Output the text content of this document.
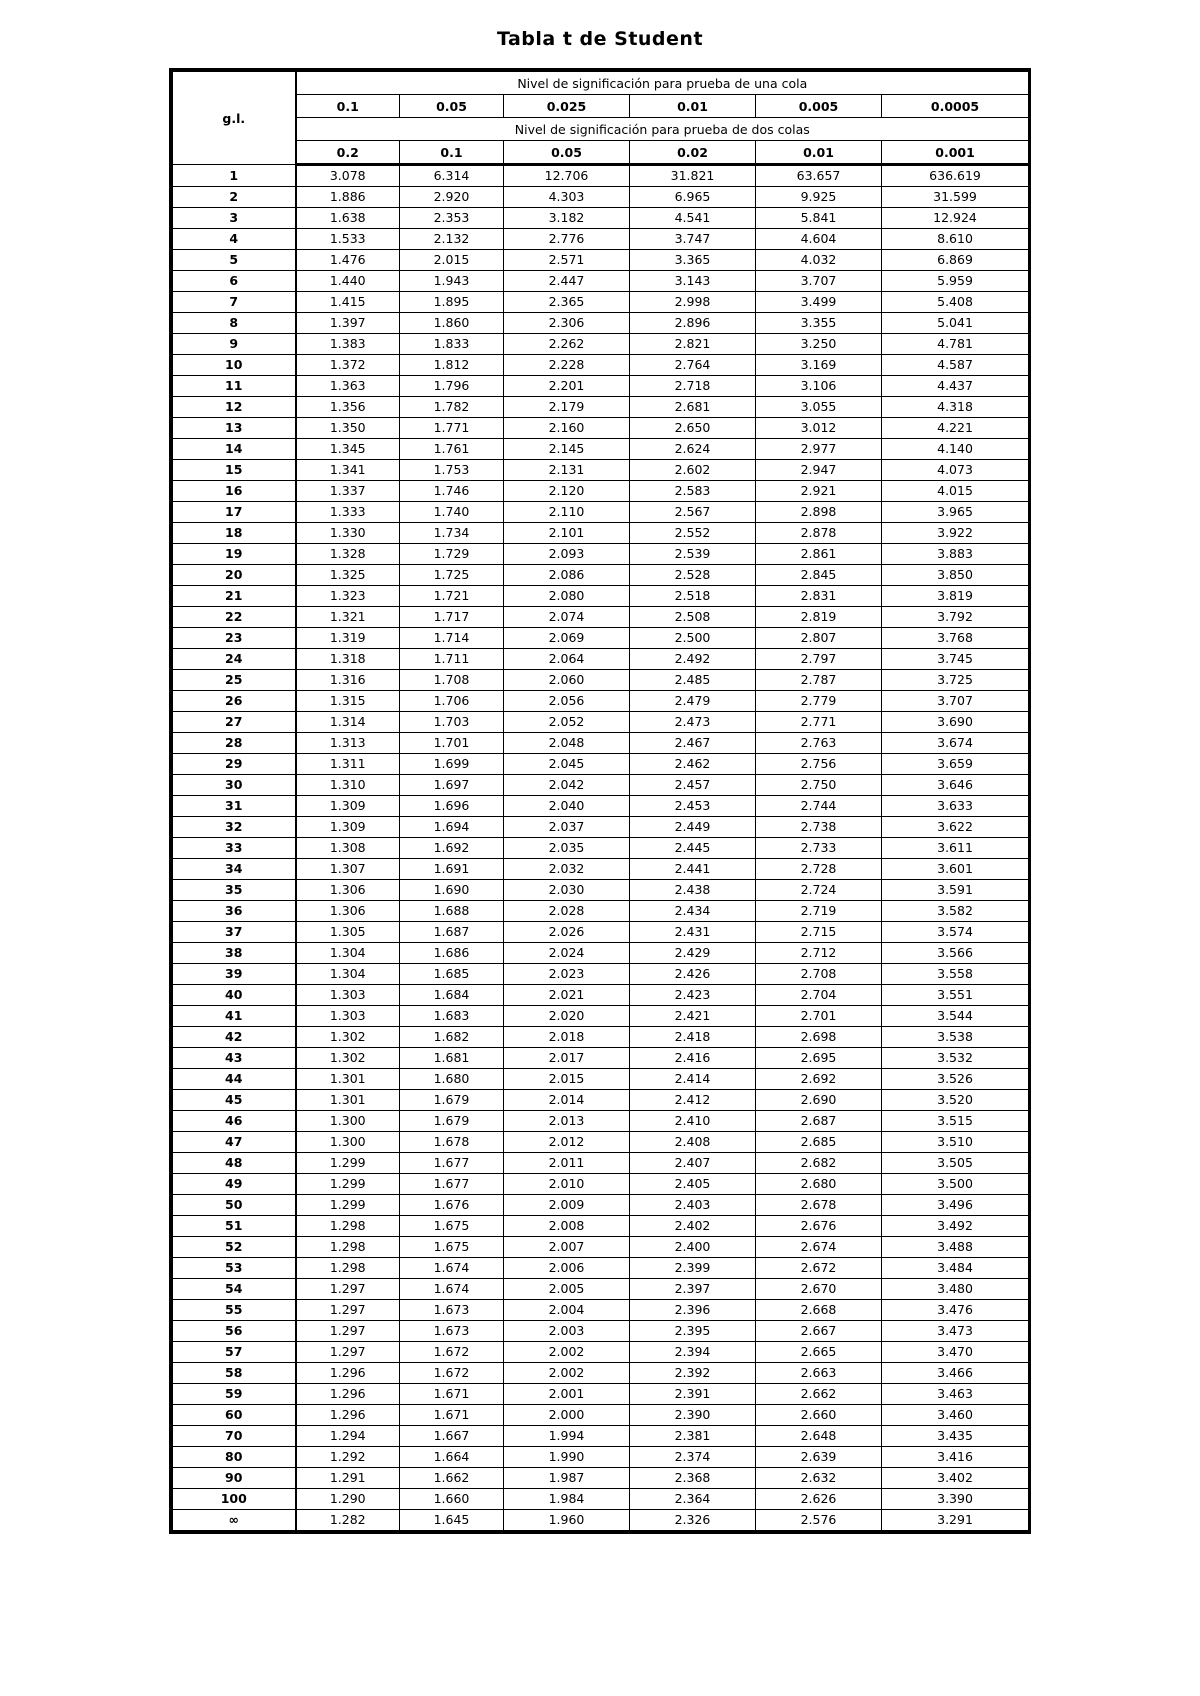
Tabla t de Student
g.l.	Nivel de significación para prueba de una cola					
	0.1	0.05	0.025	0.01	0.005	0.0005
	Nivel de significación para prueba de dos colas					
	0.2	0.1	0.05	0.02	0.01	0.001
1	3.078	6.314	12.706	31.821	63.657	636.619
2	1.886	2.920	4.303	6.965	9.925	31.599
3	1.638	2.353	3.182	4.541	5.841	12.924
4	1.533	2.132	2.776	3.747	4.604	8.610
5	1.476	2.015	2.571	3.365	4.032	6.869
6	1.440	1.943	2.447	3.143	3.707	5.959
7	1.415	1.895	2.365	2.998	3.499	5.408
8	1.397	1.860	2.306	2.896	3.355	5.041
9	1.383	1.833	2.262	2.821	3.250	4.781
10	1.372	1.812	2.228	2.764	3.169	4.587
11	1.363	1.796	2.201	2.718	3.106	4.437
12	1.356	1.782	2.179	2.681	3.055	4.318
13	1.350	1.771	2.160	2.650	3.012	4.221
14	1.345	1.761	2.145	2.624	2.977	4.140
15	1.341	1.753	2.131	2.602	2.947	4.073
16	1.337	1.746	2.120	2.583	2.921	4.015
17	1.333	1.740	2.110	2.567	2.898	3.965
18	1.330	1.734	2.101	2.552	2.878	3.922
19	1.328	1.729	2.093	2.539	2.861	3.883
20	1.325	1.725	2.086	2.528	2.845	3.850
21	1.323	1.721	2.080	2.518	2.831	3.819
22	1.321	1.717	2.074	2.508	2.819	3.792
23	1.319	1.714	2.069	2.500	2.807	3.768
24	1.318	1.711	2.064	2.492	2.797	3.745
25	1.316	1.708	2.060	2.485	2.787	3.725
26	1.315	1.706	2.056	2.479	2.779	3.707
27	1.314	1.703	2.052	2.473	2.771	3.690
28	1.313	1.701	2.048	2.467	2.763	3.674
29	1.311	1.699	2.045	2.462	2.756	3.659
30	1.310	1.697	2.042	2.457	2.750	3.646
31	1.309	1.696	2.040	2.453	2.744	3.633
32	1.309	1.694	2.037	2.449	2.738	3.622
33	1.308	1.692	2.035	2.445	2.733	3.611
34	1.307	1.691	2.032	2.441	2.728	3.601
35	1.306	1.690	2.030	2.438	2.724	3.591
36	1.306	1.688	2.028	2.434	2.719	3.582
37	1.305	1.687	2.026	2.431	2.715	3.574
38	1.304	1.686	2.024	2.429	2.712	3.566
39	1.304	1.685	2.023	2.426	2.708	3.558
40	1.303	1.684	2.021	2.423	2.704	3.551
41	1.303	1.683	2.020	2.421	2.701	3.544
42	1.302	1.682	2.018	2.418	2.698	3.538
43	1.302	1.681	2.017	2.416	2.695	3.532
44	1.301	1.680	2.015	2.414	2.692	3.526
45	1.301	1.679	2.014	2.412	2.690	3.520
46	1.300	1.679	2.013	2.410	2.687	3.515
47	1.300	1.678	2.012	2.408	2.685	3.510
48	1.299	1.677	2.011	2.407	2.682	3.505
49	1.299	1.677	2.010	2.405	2.680	3.500
50	1.299	1.676	2.009	2.403	2.678	3.496
51	1.298	1.675	2.008	2.402	2.676	3.492
52	1.298	1.675	2.007	2.400	2.674	3.488
53	1.298	1.674	2.006	2.399	2.672	3.484
54	1.297	1.674	2.005	2.397	2.670	3.480
55	1.297	1.673	2.004	2.396	2.668	3.476
56	1.297	1.673	2.003	2.395	2.667	3.473
57	1.297	1.672	2.002	2.394	2.665	3.470
58	1.296	1.672	2.002	2.392	2.663	3.466
59	1.296	1.671	2.001	2.391	2.662	3.463
60	1.296	1.671	2.000	2.390	2.660	3.460
70	1.294	1.667	1.994	2.381	2.648	3.435
80	1.292	1.664	1.990	2.374	2.639	3.416
90	1.291	1.662	1.987	2.368	2.632	3.402
100	1.290	1.660	1.984	2.364	2.626	3.390
∞	1.282	1.645	1.960	2.326	2.576	3.291
